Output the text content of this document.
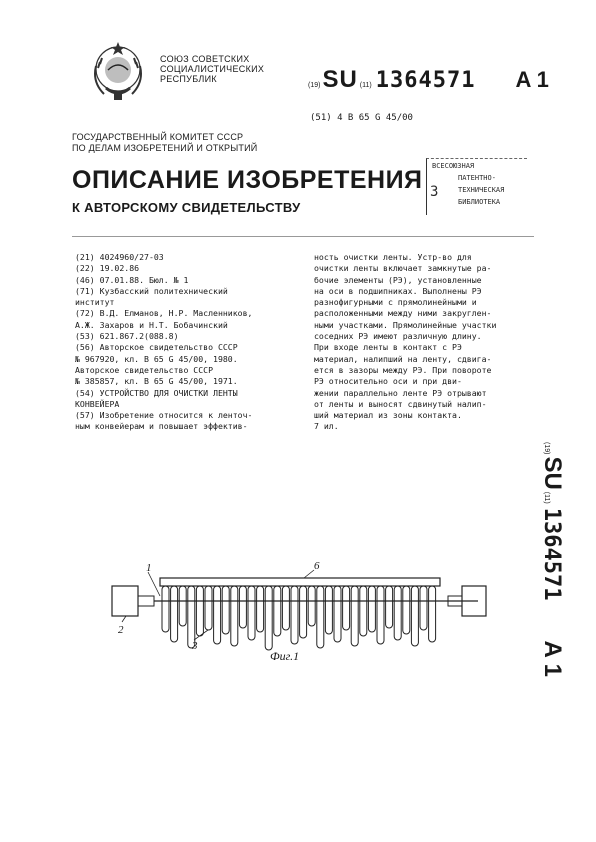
СОЮЗ СОВЕТСКИХ
СОЦИАЛИСТИЧЕСКИХ
РЕСПУБЛИК
(19) SU (11) 1364571 A 1
(51) 4 B 65 G 45/00
ГОСУДАРСТВЕННЫЙ КОМИТЕТ СССР
ПО ДЕЛАМ ИЗОБРЕТЕНИЙ И ОТКРЫТИЙ
ОПИСАНИЕ ИЗОБРЕТЕНИЯ
К АВТОРСКОМУ СВИДЕТЕЛЬСТВУ
ВСЕСОЮЗНАЯ
ПАТЕНТНО-
ТЕХНИЧЕСКАЯ
БИБЛИОТЕКА
3
(21) 4024960/27-03
(22) 19.02.86
(46) 07.01.88. Бюл. № 1
(71) Кузбасский политехнический
институт
(72) В.Д. Елманов, Н.Р. Масленников,
А.Ж. Захаров и Н.Т. Бобачинский
(53) 621.867.2(088.8)
(56) Авторское свидетельство СССР
№ 967920, кл. B 65 G 45/00, 1980.
Авторское свидетельство СССР
№ 385857, кл. B 65 G 45/00, 1971.
(54) УСТРОЙСТВО ДЛЯ ОЧИСТКИ ЛЕНТЫ
КОНВЕЙЕРА
(57) Изобретение относится к ленточ-
ным конвейерам и повышает эффектив-
ность очистки ленты. Устр-во для
очистки ленты включает замкнутые ра-
бочие элементы (РЭ), установленные
на оси в подшипниках. Выполнены РЭ
разнофигурными с прямолинейными и
расположенными между ними закруглен-
ными участками. Прямолинейные участки
соседних РЭ имеют различную длину.
При входе ленты в контакт с РЭ
материал, налипший на ленту, сдвига-
ется в зазоры между РЭ. При повороте
РЭ относительно оси и при дви-
жении параллельно ленте РЭ отрывают
от ленты и выносят сдвинутый налип-
ший материал из зоны контакта.
7 ил.
(19)
SU
(11)
1364571
A 1
1
2
3
6
Фиг.1
